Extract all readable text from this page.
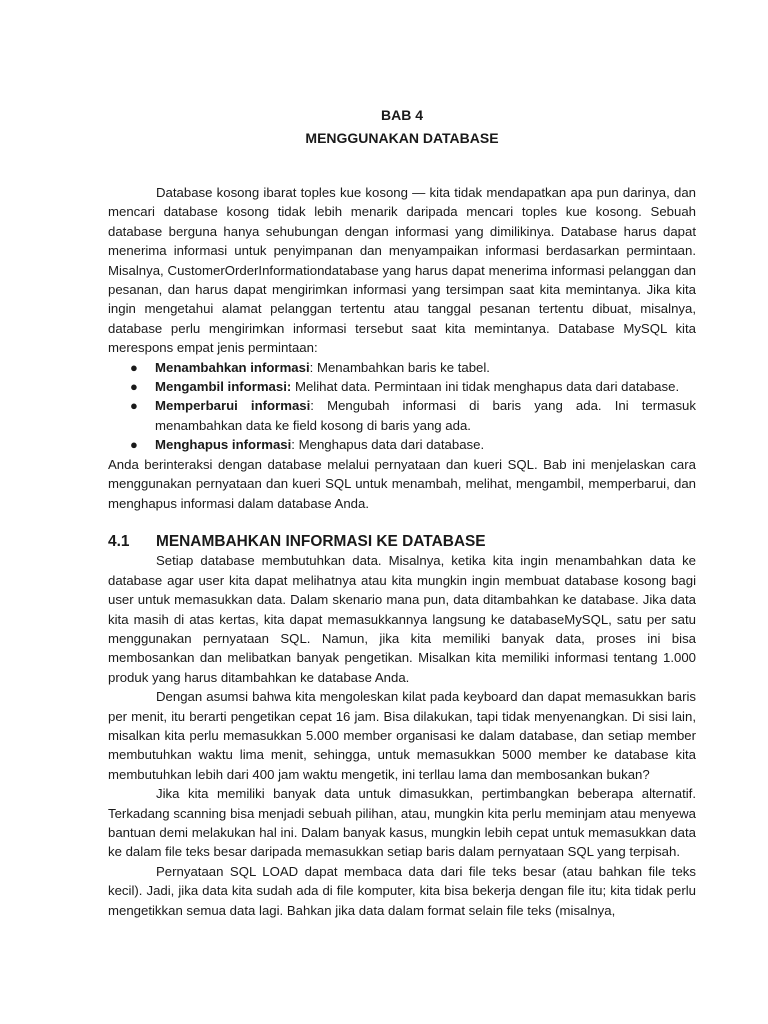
BAB 4
MENGGUNAKAN DATABASE

Database kosong ibarat toples kue kosong — kita tidak mendapatkan apa pun darinya, dan mencari database kosong tidak lebih menarik daripada mencari toples kue kosong. Sebuah database berguna hanya sehubungan dengan informasi yang dimilikinya. Database harus dapat menerima informasi untuk penyimpanan dan menyampaikan informasi berdasarkan permintaan. Misalnya, CustomerOrderInformationdatabase yang harus dapat menerima informasi pelanggan dan pesanan, dan harus dapat mengirimkan informasi yang tersimpan saat kita memintanya. Jika kita ingin mengetahui alamat pelanggan tertentu atau tanggal pesanan tertentu dibuat, misalnya, database perlu mengirimkan informasi tersebut saat kita memintanya. Database MySQL kita merespons empat jenis permintaan:

● Menambahkan informasi: Menambahkan baris ke tabel.
● Mengambil informasi: Melihat data. Permintaan ini tidak menghapus data dari database.
● Memperbarui informasi: Mengubah informasi di baris yang ada. Ini termasuk menambahkan data ke field kosong di baris yang ada.
● Menghapus informasi: Menghapus data dari database.

Anda berinteraksi dengan database melalui pernyataan dan kueri SQL. Bab ini menjelaskan cara menggunakan pernyataan dan kueri SQL untuk menambah, melihat, mengambil, memperbarui, dan menghapus informasi dalam database Anda.

4.1	MENAMBAHKAN INFORMASI KE DATABASE

Setiap database membutuhkan data. Misalnya, ketika kita ingin menambahkan data ke database agar user kita dapat melihatnya atau kita mungkin ingin membuat database kosong bagi user untuk memasukkan data. Dalam skenario mana pun, data ditambahkan ke database. Jika data kita masih di atas kertas, kita dapat memasukkannya langsung ke databaseMySQL, satu per satu menggunakan pernyataan SQL. Namun, jika kita memiliki banyak data, proses ini bisa membosankan dan melibatkan banyak pengetikan. Misalkan kita memiliki informasi tentang 1.000 produk yang harus ditambahkan ke database Anda.

Dengan asumsi bahwa kita mengoleskan kilat pada keyboard dan dapat memasukkan baris per menit, itu berarti pengetikan cepat 16 jam. Bisa dilakukan, tapi tidak menyenangkan. Di sisi lain, misalkan kita perlu memasukkan 5.000 member organisasi ke dalam database, dan setiap member membutuhkan waktu lima menit, sehingga, untuk memasukkan 5000 member ke database kita membutuhkan lebih dari 400 jam waktu mengetik, ini terllau lama dan membosankan bukan?

Jika kita memiliki banyak data untuk dimasukkan, pertimbangkan beberapa alternatif. Terkadang scanning bisa menjadi sebuah pilihan, atau, mungkin kita perlu meminjam atau menyewa bantuan demi melakukan hal ini. Dalam banyak kasus, mungkin lebih cepat untuk memasukkan data ke dalam file teks besar daripada memasukkan setiap baris dalam pernyataan SQL yang terpisah.

Pernyataan SQL LOAD dapat membaca data dari file teks besar (atau bahkan file teks kecil). Jadi, jika data kita sudah ada di file komputer, kita bisa bekerja dengan file itu; kita tidak perlu mengetikkan semua data lagi. Bahkan jika data dalam format selain file teks (misalnya,
